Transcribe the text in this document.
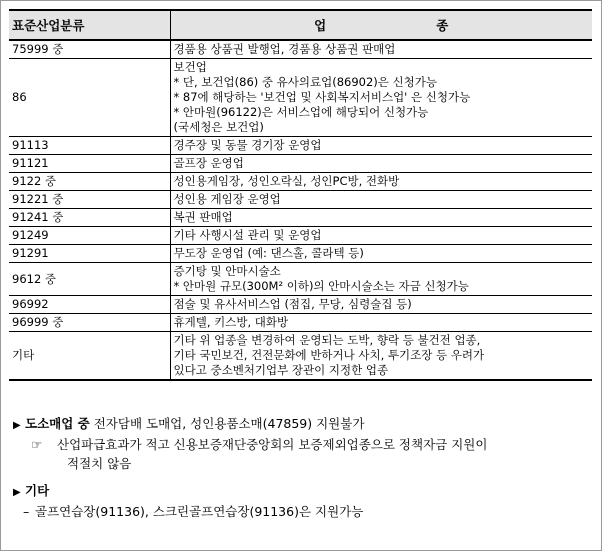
표준산업분류	업 종
75999 중	경품용 상품권 발행업, 경품용 상품권 판매업

86	보건업
* 단, 보건업(86) 중 유사의료업(86902)은 신청가능
* 87에 해당하는 '보건업 및 사회복지서비스업' 은 신청가능
* 안마원(96122)은 서비스업에 해당되어 신청가능
(국세청은 보건업)

91113	경주장 및 동물 경기장 운영업

91121	골프장 운영업

9122 중	성인용게임장, 성인오락실, 성인PC방, 전화방

91221 중	성인용 게임장 운영업

91241 중	복권 판매업

91249	기타 사행시설 관리 및 운영업

91291	무도장 운영업 (예: 댄스홀, 콜라텍 등)

9612 중	증기탕 및 안마시술소
* 안마원 규모(300M² 이하)의 안마시술소는 자금 신청가능

96992	점술 및 유사서비스업 (점집, 무당, 심령술집 등)

96999 중	휴게텔, 키스방, 대화방

기타	기타 위 업종을 변경하여 운영되는 도박, 향락 등 불건전 업종,
기타 국민보건, 건전문화에 반하거나 사치, 투기조장 등 우려가
있다고 중소벤처기업부 장관이 지정한 업종
▶ 도소매업 중
전자담배 도매업, 성인용품소매(47859) 지원불가
☞	산업파급효과가 적고 신용보증재단중앙회의 보증제외업종으로 정책자금 지원이
적절치 않음
▶ 기타
– 골프연습장(91136), 스크린골프연습장(91136)은 지원가능
